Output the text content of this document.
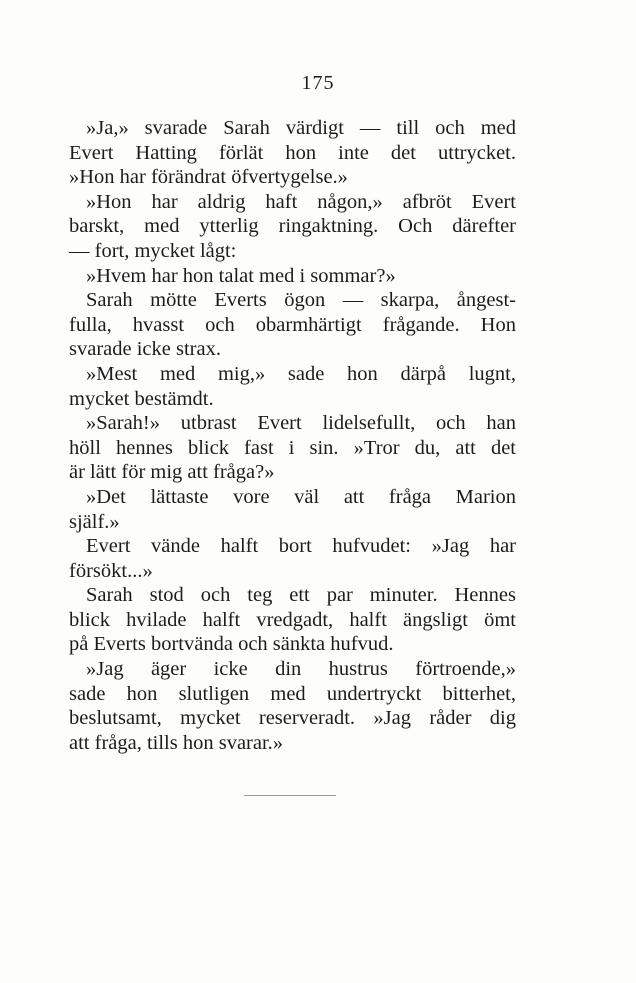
175
»Ja,» svarade Sarah värdigt — till och med
Evert Hatting förlät hon inte det uttrycket.
»Hon har förändrat öfvertygelse.»
»Hon har aldrig haft någon,» afbröt Evert
barskt, med ytterlig ringaktning. Och därefter
— fort, mycket lågt:
»Hvem har hon talat med i sommar?»
Sarah mötte Everts ögon — skarpa, ångest-
fulla, hvasst och obarmhärtigt frågande. Hon
svarade icke strax.
»Mest med mig,» sade hon därpå lugnt,
mycket bestämdt.
»Sarah!» utbrast Evert lidelsefullt, och han
höll hennes blick fast i sin. »Tror du, att det
är lätt för mig att fråga?»
»Det lättaste vore väl att fråga Marion
själf.»
Evert vände halft bort hufvudet: »Jag har
försökt...»
Sarah stod och teg ett par minuter. Hennes
blick hvilade halft vredgadt, halft ängsligt ömt
på Everts bortvända och sänkta hufvud.
»Jag äger icke din hustrus förtroende,»
sade hon slutligen med undertryckt bitterhet,
beslutsamt, mycket reserveradt. »Jag råder dig
att fråga, tills hon svarar.»
